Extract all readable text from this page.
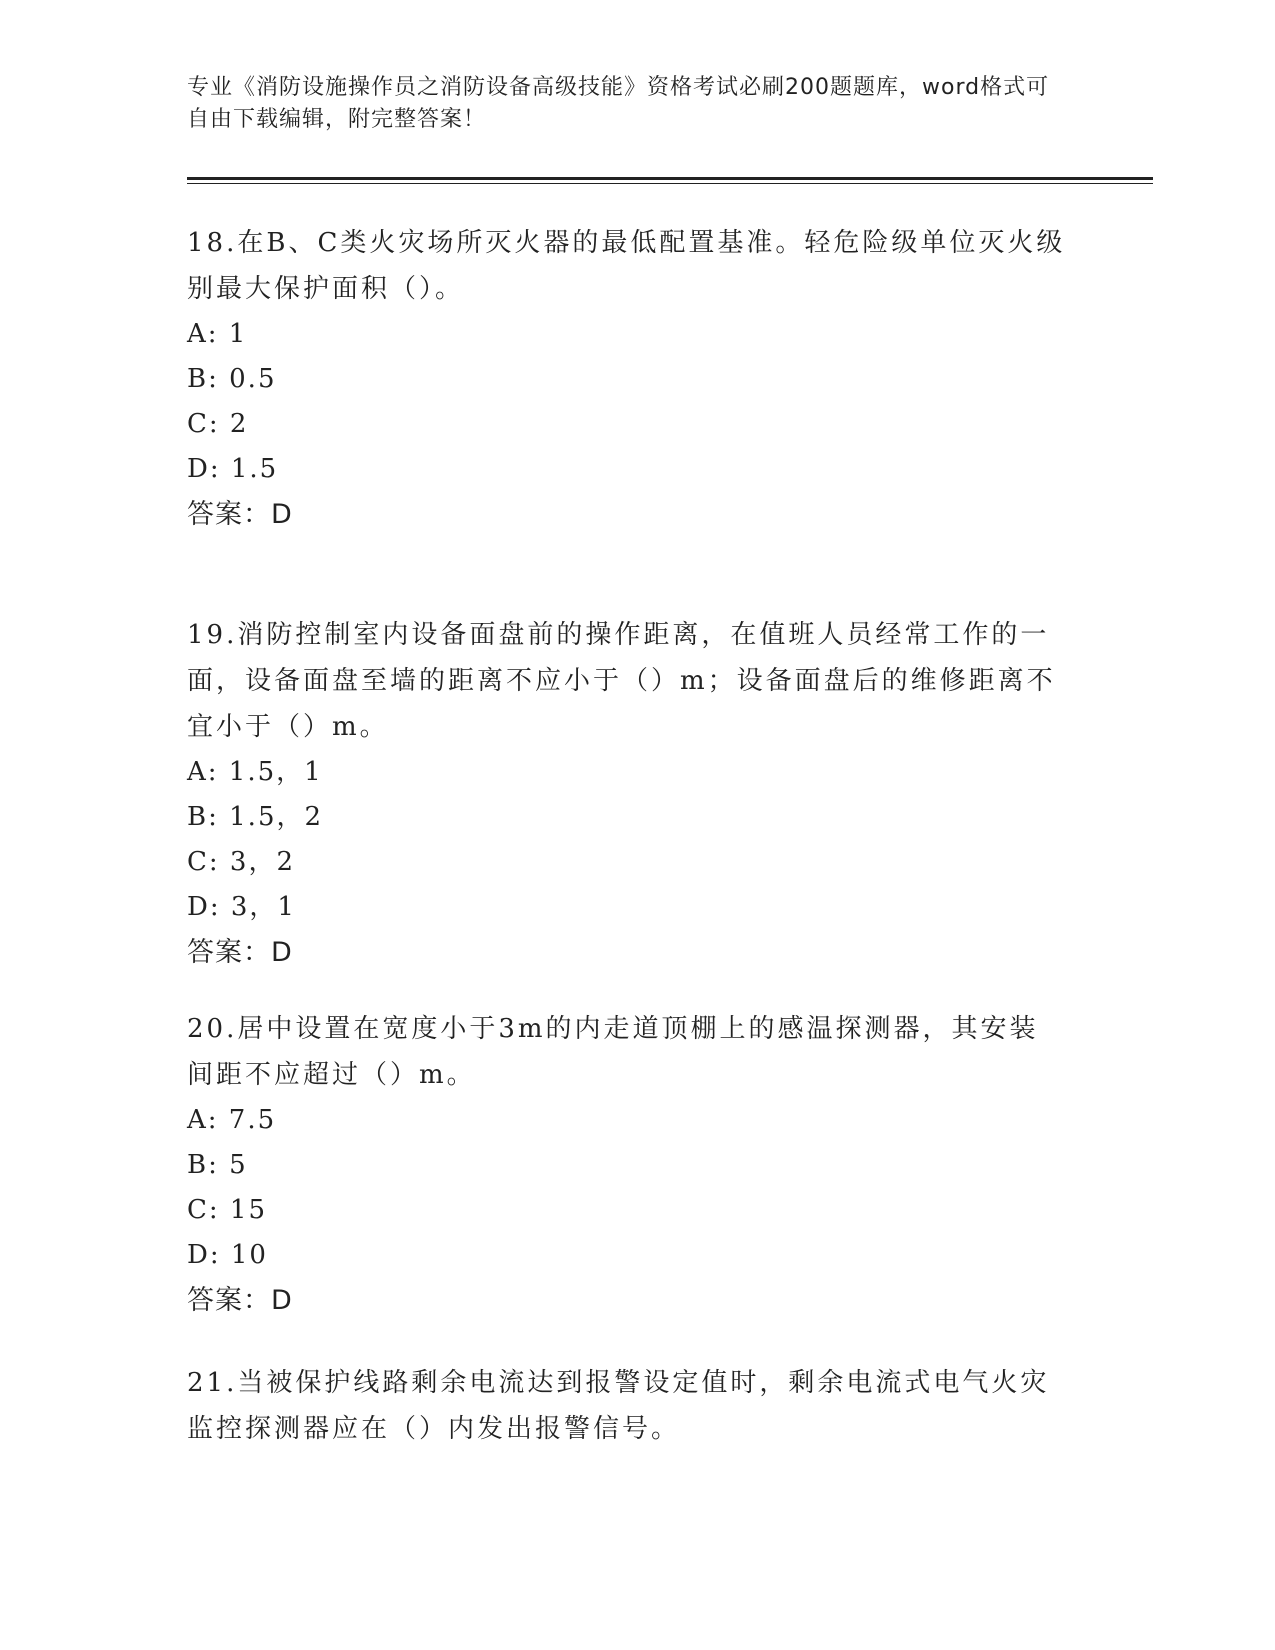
专业《消防设施操作员之消防设备高级技能》资格考试必刷200题题库，word格式可自由下载编辑，附完整答案！

18.在B、C类火灾场所灭火器的最低配置基准。轻危险级单位灭火级别最大保护面积（）。

A: 1

B: 0.5

C: 2

D: 1.5

答案：D

19.消防控制室内设备面盘前的操作距离，在值班人员经常工作的一面，设备面盘至墙的距离不应小于（）m；设备面盘后的维修距离不宜小于（）m。

A: 1.5，1

B: 1.5，2

C: 3，2

D: 3，1

答案：D

20.居中设置在宽度小于3m的内走道顶棚上的感温探测器，其安装间距不应超过（）m。

A: 7.5

B: 5

C: 15

D: 10

答案：D

21.当被保护线路剩余电流达到报警设定值时，剩余电流式电气火灾监控探测器应在（）内发出报警信号。
